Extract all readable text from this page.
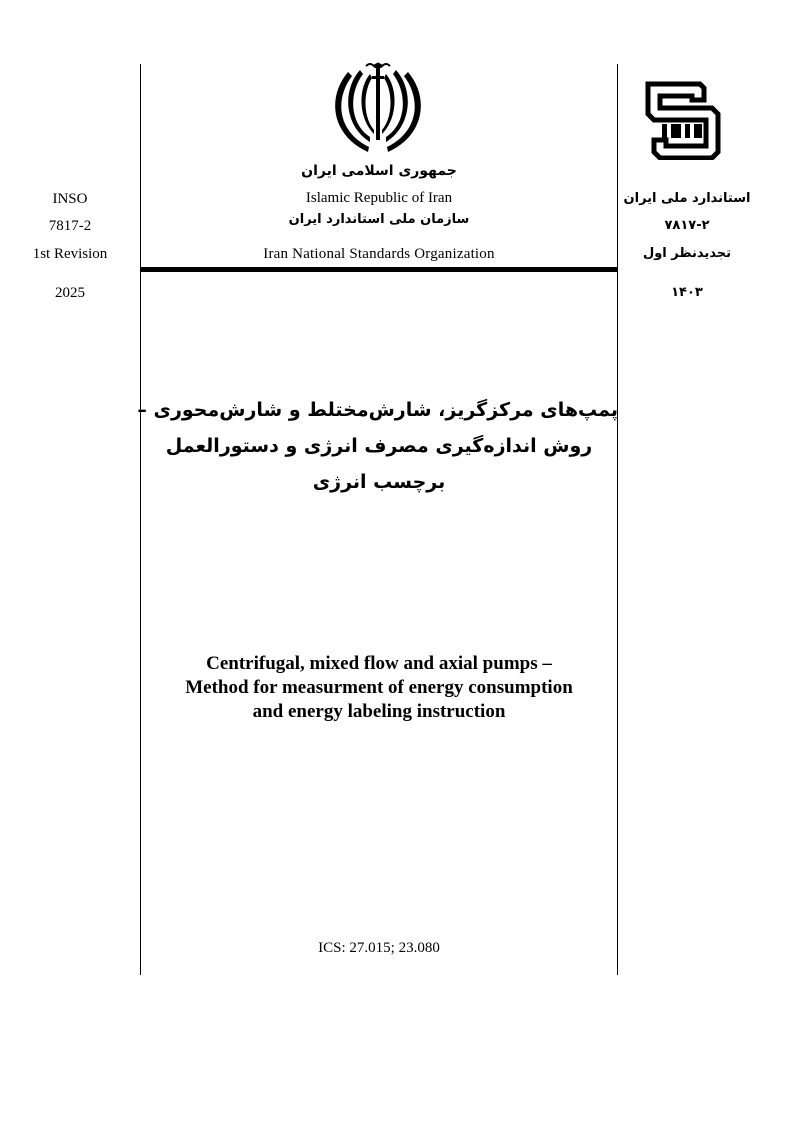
جمهوری اسلامی ایران
Islamic Republic of Iran
سازمان ملی استاندارد ایران
Iran National Standards Organization
INSO
7817-2
1st Revision
2025
استاندارد ملی ایران
۷۸۱۷-۲
تجدیدنظر اول
۱۴۰۳
پمپ‌های مرکزگریز، شارش‌مختلط و شارش‌محوری –
روش اندازه‌گیری مصرف انرژی و دستورالعمل
برچسب انرژی
Centrifugal, mixed flow and axial pumps –
Method for measurment of energy consumption
and energy labeling instruction
ICS: 27.015; 23.080
